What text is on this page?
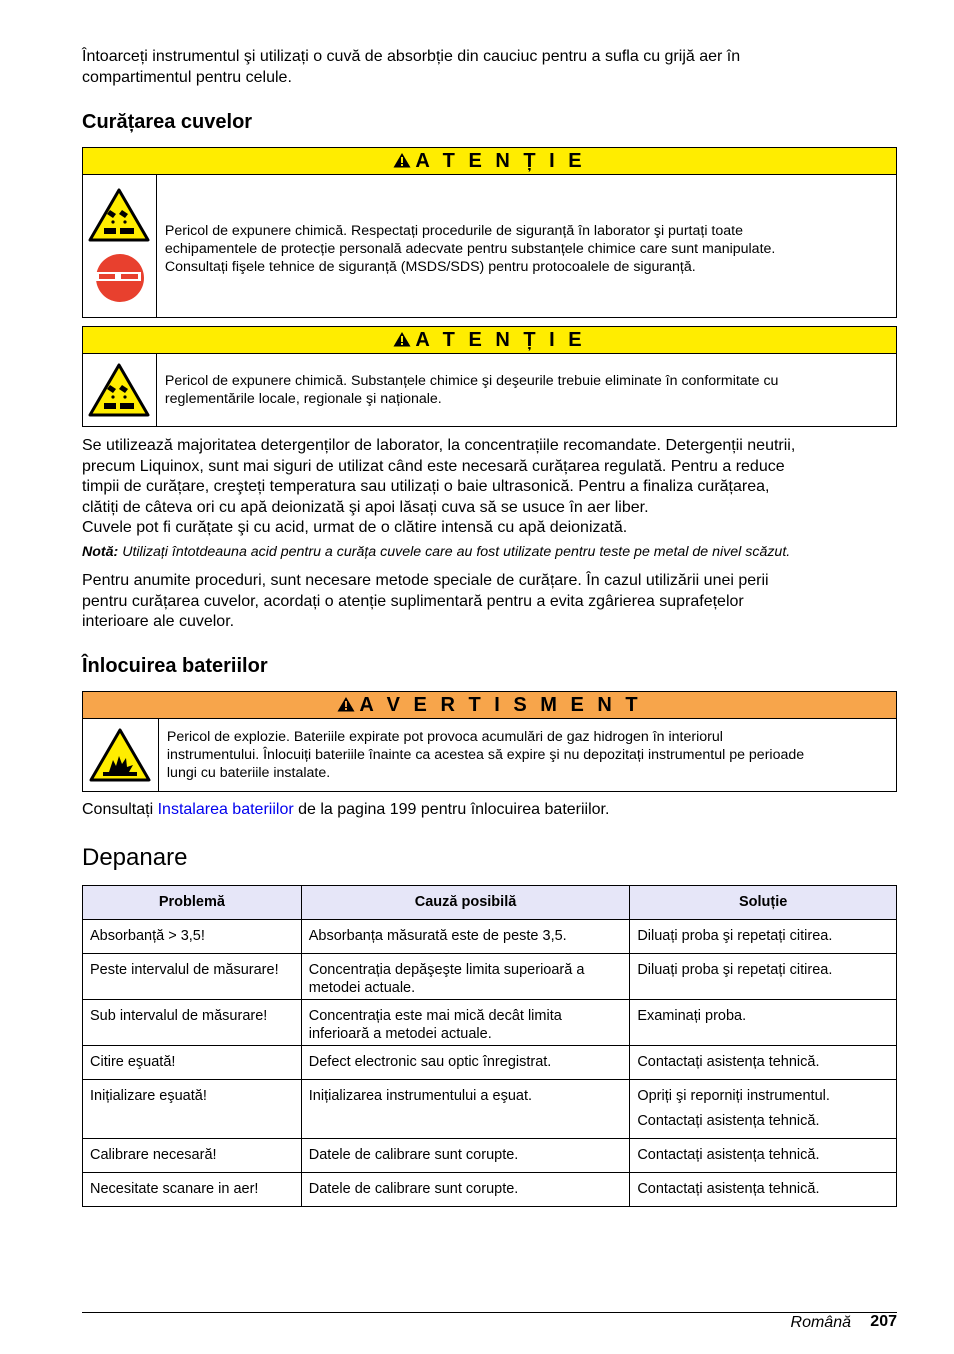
Întoarceți instrumentul şi utilizați o cuvă de absorbție din cauciuc pentru a sufla cu grijă aer în
compartimentul pentru celule.

Curățarea cuvelor
A T E N Ț I E
Pericol de expunere chimică. Respectați procedurile de siguranță în laborator şi purtați toate
echipamentele de protecție personală adecvate pentru substanțele chimice care sunt manipulate.
Consultați fişele tehnice de siguranță (MSDS/SDS) pentru protocoalele de siguranță.
A T E N Ț I E
Pericol de expunere chimică. Substanțele chimice şi deşeurile trebuie eliminate în conformitate cu
reglementările locale, regionale şi naționale.

Se utilizează majoritatea detergenților de laborator, la concentrațiile recomandate. Detergenții neutrii,
precum Liquinox, sunt mai siguri de utilizat când este necesară curățarea regulată. Pentru a reduce
timpii de curățare, creşteți temperatura sau utilizați o baie ultrasonică. Pentru a finaliza curățarea,
clătiți de câteva ori cu apă deionizată şi apoi lăsați cuva să se usuce în aer liber.
Cuvele pot fi curățate şi cu acid, urmat de o clătire intensă cu apă deionizată.

Notă: Utilizați întotdeauna acid pentru a curăța cuvele care au fost utilizate pentru teste pe metal de nivel scăzut.

Pentru anumite proceduri, sunt necesare metode speciale de curățare. În cazul utilizării unei perii
pentru curățarea cuvelor, acordați o atenție suplimentară pentru a evita zgârierea suprafețelor
interioare ale cuvelor.

Înlocuirea bateriilor
A V E R T I S M E N T
Pericol de explozie. Bateriile expirate pot provoca acumulări de gaz hidrogen în interiorul
instrumentului. Înlocuiți bateriile înainte ca acestea să expire şi nu depozitați instrumentul pe perioade
lungi cu bateriile instalate.

Consultați Instalarea bateriilor de la pagina 199 pentru înlocuirea bateriilor.

Depanare
Problemă	Cauză posibilă	Soluție
Absorbanță > 3,5!	Absorbanța măsurată este de peste 3,5.	Diluați proba şi repetați citirea.
Peste intervalul de măsurare!	Concentrația depăşeşte limita superioară a metodei actuale.	Diluați proba şi repetați citirea.
Sub intervalul de măsurare!	Concentrația este mai mică decât limita inferioară a metodei actuale.	Examinați proba.
Citire eşuată!	Defect electronic sau optic înregistrat.	Contactați asistența tehnică.
Inițializare eşuată!	Inițializarea instrumentului a eşuat.	Opriți şi reporniți instrumentul.

Contactați asistența tehnică.

Calibrare necesară!	Datele de calibrare sunt corupte.	Contactați asistența tehnică.
Necesitate scanare in aer!	Datele de calibrare sunt corupte.	Contactați asistența tehnică.
Română 207
